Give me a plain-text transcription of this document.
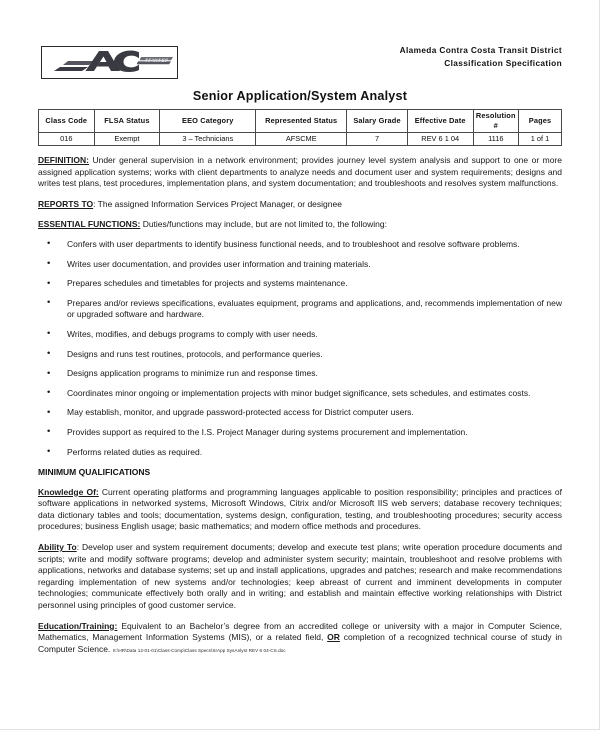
Alameda Contra Costa Transit District
Classification Specification
Senior Application/System Analyst
Class Code	FLSA Status	EEO Category	Represented Status	Salary Grade	Effective Date	Resolution #	Pages
016	Exempt	3 – Technicians	AFSCME	7	REV 6 1 04	1116	1 of 1

DEFINITION: Under general supervision in a network environment; provides journey level system analysis and support to one or more assigned application systems; works with client departments to analyze needs and document user and system requirements; designs and writes test plans, test procedures, implementation plans, and system documentation; and troubleshoots and resolves system malfunctions.

REPORTS TO: The assigned Information Services Project Manager, or designee

ESSENTIAL FUNCTIONS: Duties/functions may include, but are not limited to, the following:

• Confers with user departments to identify business functional needs, and to troubleshoot and resolve software problems.
• Writes user documentation, and provides user information and training materials.
• Prepares schedules and timetables for projects and systems maintenance.
• Prepares and/or reviews specifications, evaluates equipment, programs and applications, and, recommends implementation of new or upgraded software and hardware.
• Writes, modifies, and debugs programs to comply with user needs.
• Designs and runs test routines, protocols, and performance queries.
• Designs application programs to minimize run and response times.
• Coordinates minor ongoing or implementation projects with minor budget significance, sets schedules, and estimates costs.
• May establish, monitor, and upgrade password-protected access for District computer users.
• Provides support as required to the I.S. Project Manager during systems procurement and implementation.
• Performs related duties as required.
MINIMUM QUALIFICATIONS

Knowledge Of: Current operating platforms and programming languages applicable to position responsibility; principles and practices of software applications in networked systems, Microsoft Windows, Citrix and/or Microsoft IIS web servers; database recovery techniques; data dictionary tables and tools; documentation, systems design, configuration, testing, and troubleshooting procedures; security access procedures; business English usage; basic mathematics; and modern office methods and procedures.

Ability To: Develop user and system requirement documents; develop and execute test plans; write operation procedure documents and scripts; write and modify software programs; develop and administer system security; maintain, troubleshoot and resolve problems with applications, networks and database systems; set up and install applications, upgrades and patches; research and make recommendations regarding implementation of new systems and/or technologies; keep abreast of current and imminent developments in computer technologies; communicate effectively both orally and in writing; and establish and maintain effective working relationships with District personnel using principles of good customer service.

Education/Training: Equivalent to an Bachelor’s degree from an accredited college or university with a major in Computer Science, Mathematics, Management Information Systems (MIS), or a related field, OR completion of a recognized technical course of study in Computer Science. S:\HR\Data 12-01-01\Class-Comp\Class Specs\SrApp SysAnlyst REV 6 04-CS.doc
